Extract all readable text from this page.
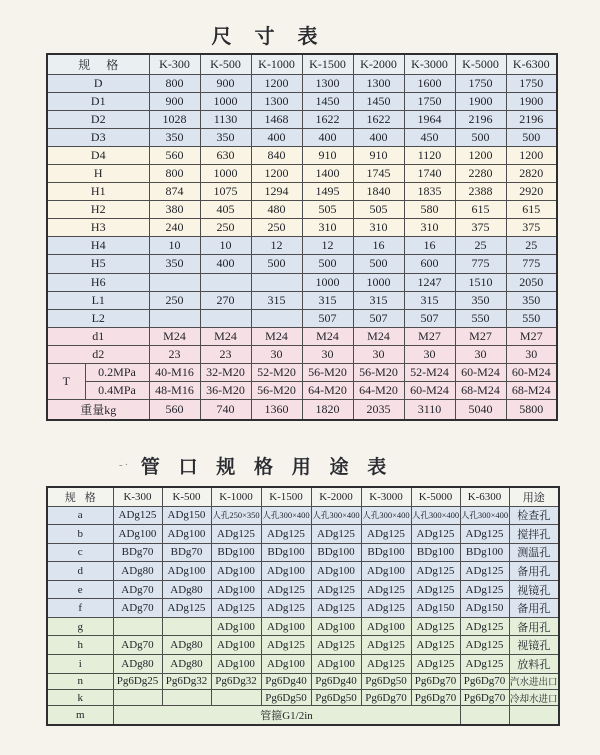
尺 寸 表
规格		K-300	K-500	K-1000	K-1500	K-2000	K-3000	K-5000	K-6300
D		800	900	1200	1300	1300	1600	1750	1750
D1		900	1000	1300	1450	1450	1750	1900	1900
D2		1028	1130	1468	1622	1622	1964	2196	2196
D3		350	350	400	400	400	450	500	500
D4		560	630	840	910	910	1120	1200	1200
H		800	1000	1200	1400	1745	1740	2280	2820
H1		874	1075	1294	1495	1840	1835	2388	2920
H2		380	405	480	505	505	580	615	615
H3		240	250	250	310	310	310	375	375
H4		10	10	12	12	16	16	25	25
H5		350	400	500	500	500	600	775	775
H6					1000	1000	1247	1510	2050
L1		250	270	315	315	315	315	350	350
L2					507	507	507	550	550
d1		M24	M24	M24	M24	M24	M27	M27	M27
d2		23	23	30	30	30	30	30	30
T	0.2MPa	40-M16	32-M20	52-M20	56-M20	56-M20	52-M24	60-M24	60-M24
	0.4MPa	48-M16	36-M20	56-M20	64-M20	64-M20	60-M24	68-M24	68-M24
重量kg		560	740	1360	1820	2035	3110	5040	5800
-· 管 口 规 格 用 途 表
规格	K-300	K-500	K-1000	K-1500	K-2000	K-3000	K-5000	K-6300	用途
a	ADg125	ADg150	人孔250×350	人孔300×400	人孔300×400	人孔300×400	人孔300×400	人孔300×400	检查孔
b	ADg100	ADg100	ADg125	ADg125	ADg125	ADg125	ADg125	ADg125	搅拌孔
c	BDg70	BDg70	BDg100	BDg100	BDg100	BDg100	BDg100	BDg100	测温孔
d	ADg80	ADg100	ADg100	ADg100	ADg100	ADg100	ADg125	ADg125	备用孔
e	ADg70	ADg80	ADg100	ADg125	ADg125	ADg125	ADg125	ADg125	视镜孔
f	ADg70	ADg125	ADg125	ADg125	ADg125	ADg125	ADg150	ADg150	备用孔
g			ADg100	ADg100	ADg100	ADg100	ADg125	ADg125	备用孔
h	ADg70	ADg80	ADg100	ADg125	ADg125	ADg125	ADg125	ADg125	视镜孔
i	ADg80	ADg80	ADg100	ADg100	ADg100	ADg125	ADg125	ADg125	放料孔
n	Pg6Dg25	Pg6Dg32	Pg6Dg32	Pg6Dg40	Pg6Dg40	Pg6Dg50	Pg6Dg70	Pg6Dg70	汽水进出口
k				Pg6Dg50	Pg6Dg50	Pg6Dg70	Pg6Dg70	Pg6Dg70	冷却水进口
m	管箍G1/2in								
